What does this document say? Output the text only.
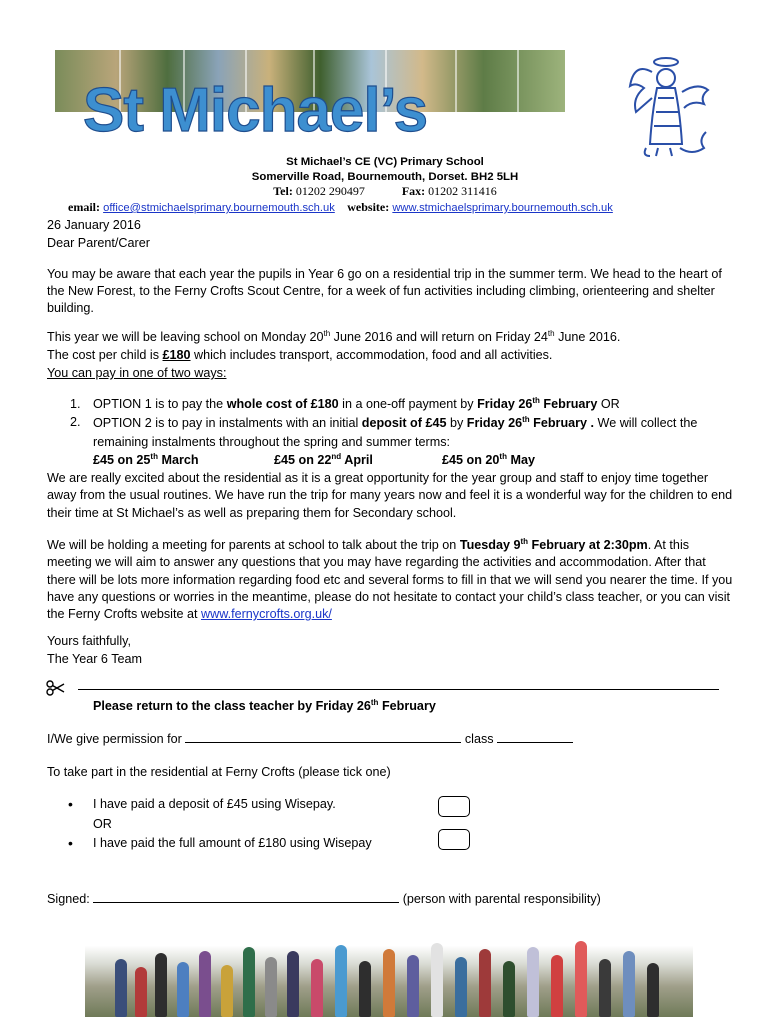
St Michael’s
St Michael’s CE (VC) Primary School
Somerville Road, Bournemouth, Dorset. BH2 5LH
Tel: 01202 290497	Fax: 01202 311416
email: office@stmichaelsprimary.bournemouth.sch.uk website: www.stmichaelsprimary.bournemouth.sch.uk
26 January 2016
Dear Parent/Carer
You may be aware that each year the pupils in Year 6 go on a residential trip in the summer term. We head to the heart of the New Forest, to the Ferny Crofts Scout Centre, for a week of fun activities including climbing, orienteering and shelter building.
This year we will be leaving school on Monday 20th June 2016 and will return on Friday 24th June 2016.
The cost per child is £180 which includes transport, accommodation, food and all activities.
You can pay in one of two ways:
1. OPTION 1 is to pay the whole cost of £180 in a one-off payment by Friday 26th February OR
2. OPTION 2 is to pay in instalments with an initial deposit of £45 by Friday 26th February . We will collect the remaining instalments throughout the spring and summer terms:
£45 on 25th March	£45 on 22nd April	£45 on 20th May
We are really excited about the residential as it is a great opportunity for the year group and staff to enjoy time together away from the usual routines. We have run the trip for many years now and feel it is a wonderful way for the children to end their time at St Michael’s as well as preparing them for Secondary school.
We will be holding a meeting for parents at school to talk about the trip on Tuesday 9th February at 2:30pm. At this meeting we will aim to answer any questions that you may have regarding the activities and accommodation. After that there will be lots more information regarding food etc and several forms to fill in that we will send you nearer the time. If you have any questions or worries in the meantime, please do not hesitate to contact your child’s class teacher, or you can visit the Ferny Crofts website at www.fernycrofts.org.uk/
Yours faithfully,
The Year 6 Team
Please return to the class teacher by Friday 26th February
I/We give permission for	class
To take part in the residential at Ferny Crofts (please tick one)
• I have paid a deposit of £45 using Wisepay.
OR
• I have paid the full amount of £180 using Wisepay
Signed:	(person with parental responsibility)
